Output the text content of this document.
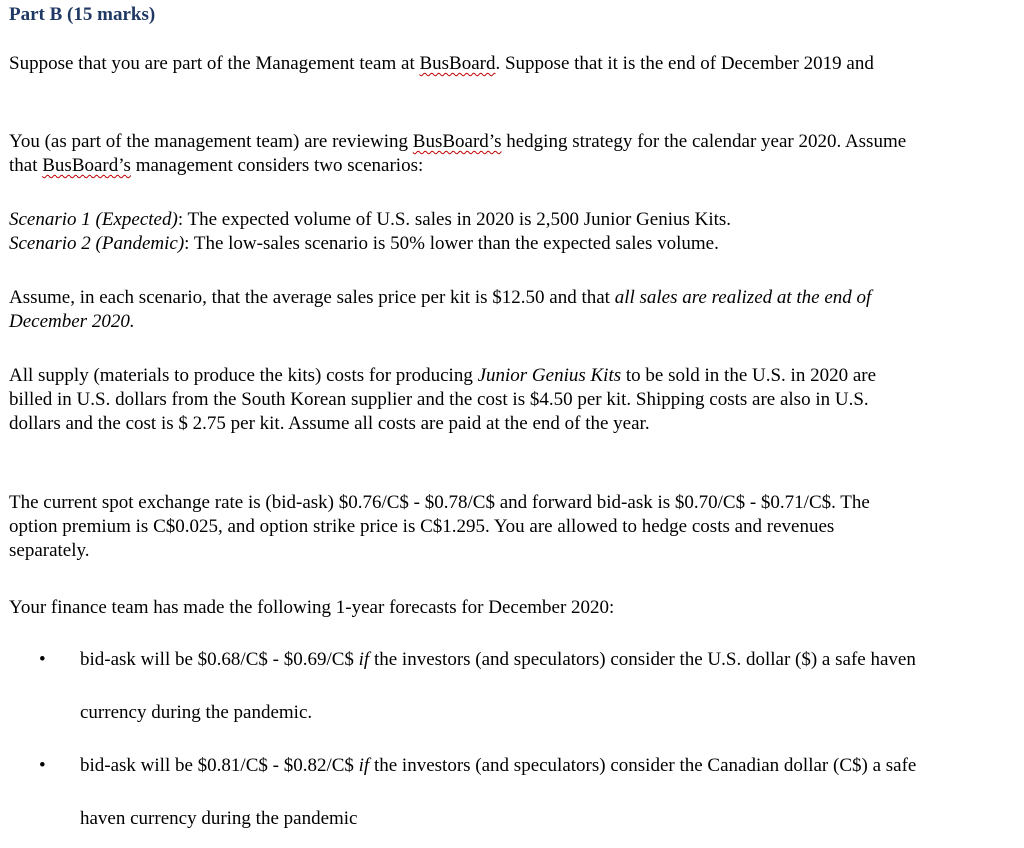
Part B (15 marks)
Suppose that you are part of the Management team at BusBoard. Suppose that it is the end of December 2019 and
You (as part of the management team) are reviewing BusBoard’s hedging strategy for the calendar year 2020. Assume that BusBoard’s management considers two scenarios:
Scenario 1 (Expected): The expected volume of U.S. sales in 2020 is 2,500 Junior Genius Kits.
Scenario 2 (Pandemic): The low-sales scenario is 50% lower than the expected sales volume.
Assume, in each scenario, that the average sales price per kit is $12.50 and that all sales are realized at the end of December 2020.
All supply (materials to produce the kits) costs for producing Junior Genius Kits to be sold in the U.S. in 2020 are billed in U.S. dollars from the South Korean supplier and the cost is $4.50 per kit. Shipping costs are also in U.S. dollars and the cost is $ 2.75 per kit. Assume all costs are paid at the end of the year.
The current spot exchange rate is (bid-ask) $0.76/C$ - $0.78/C$ and forward bid-ask is $0.70/C$ - $0.71/C$. The option premium is C$0.025, and option strike price is C$1.295. You are allowed to hedge costs and revenues separately.
Your finance team has made the following 1-year forecasts for December 2020:
• bid-ask will be $0.68/C$ - $0.69/C$ if the investors (and speculators) consider the U.S. dollar ($) a safe haven currency during the pandemic.
• bid-ask will be $0.81/C$ - $0.82/C$ if the investors (and speculators) consider the Canadian dollar (C$) a safe haven currency during the pandemic
